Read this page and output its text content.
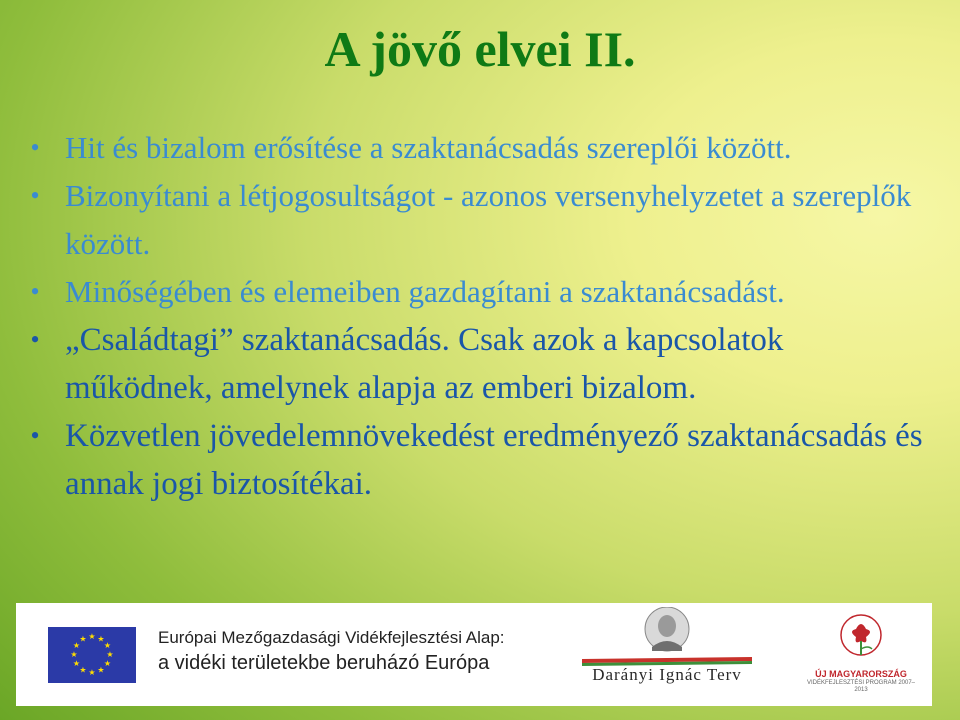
A jövő elvei II.
• Hit és bizalom erősítése a szaktanácsadás szereplői között.
• Bizonyítani a létjogosultságot - azonos versenyhelyzetet a szereplők között.
• Minőségében és elemeiben gazdagítani a szaktanácsadást.
• „Családtagi” szaktanácsadás. Csak azok a kapcsolatok működnek, amelynek alapja az emberi bizalom.
• Közvetlen jövedelemnövekedést eredményező szaktanácsadás és annak jogi biztosítékai.
★ ★
★
★
★
★
★
★
★
★
★
★	Európai Mezőgazdasági Vidékfejlesztési Alap:
a vidéki területekbe beruházó Európa
Darányi Ignác Terv	ÚJ MAGYARORSZÁG
VIDÉKFEJLESZTÉSI PROGRAM 2007–2013
